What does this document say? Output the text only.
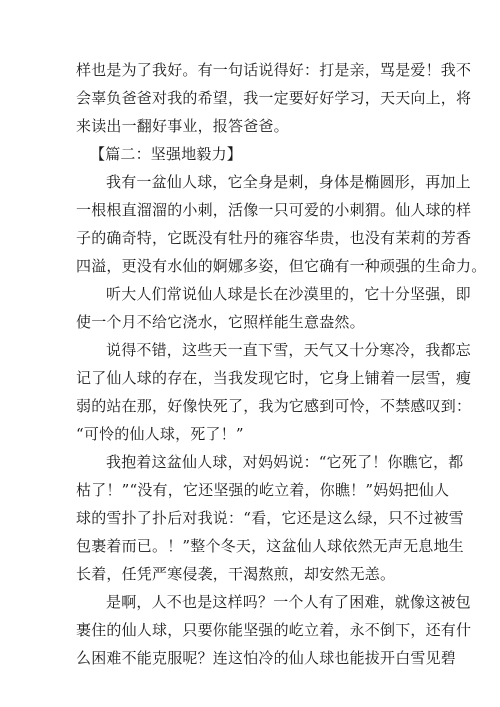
样也是为了我好。有一句话说得好：打是亲，骂是爱！我不
会辜负爸爸对我的希望，我一定要好好学习，天天向上，将
来读出一翻好事业，报答爸爸。
【篇二：坚强地毅力】
我有一盆仙人球，它全身是刺，身体是椭圆形，再加上
一根根直溜溜的小刺，活像一只可爱的小刺猬。仙人球的样
子的确奇特，它既没有牡丹的雍容华贵，也没有茉莉的芳香
四溢，更没有水仙的婀娜多姿，但它确有一种顽强的生命力。
听大人们常说仙人球是长在沙漠里的，它十分坚强，即
使一个月不给它浇水，它照样能生意盎然。
说得不错，这些天一直下雪，天气又十分寒冷，我都忘
记了仙人球的存在，当我发现它时，它身上铺着一层雪，瘦
弱的站在那，好像快死了，我为它感到可怜，不禁感叹到：
“可怜的仙人球，死了！”
我抱着这盆仙人球，对妈妈说：“它死了！你瞧它，都
枯了！”“没有，它还坚强的屹立着，你瞧！”妈妈把仙人
球的雪扑了扑后对我说：“看，它还是这么绿，只不过被雪
包裹着而已。！”整个冬天，这盆仙人球依然无声无息地生
长着，任凭严寒侵袭，干渴熬煎，却安然无恙。
是啊，人不也是这样吗？一个人有了困难，就像这被包
裹住的仙人球，只要你能坚强的屹立着，永不倒下，还有什
么困难不能克服呢？连这怕冷的仙人球也能拔开白雪见碧
